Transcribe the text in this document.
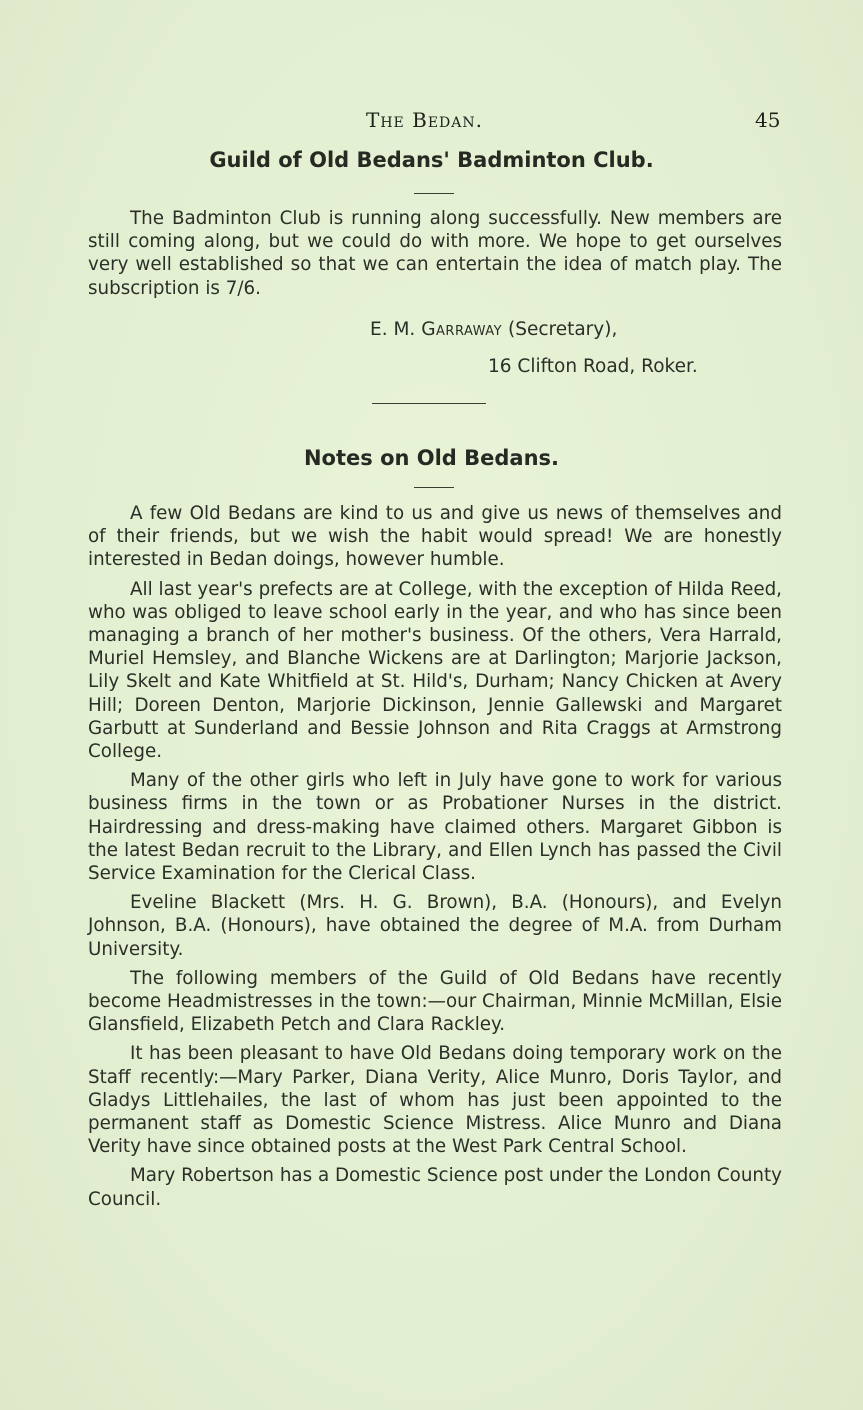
The Bedan.	45
Guild of Old Bedans' Badminton Club.

The Badminton Club is running along successfully. New members are still coming along, but we could do with more. We hope to get ourselves very well established so that we can entertain the idea of match play. The subscription is 7/6.

E. M. Garraway (Secretary),
16 Clifton Road, Roker.
Notes on Old Bedans.

A few Old Bedans are kind to us and give us news of themselves and of their friends, but we wish the habit would spread! We are honestly interested in Bedan doings, however humble.

All last year's prefects are at College, with the exception of Hilda Reed, who was obliged to leave school early in the year, and who has since been managing a branch of her mother's business. Of the others, Vera Harrald, Muriel Hemsley, and Blanche Wickens are at Darlington; Marjorie Jackson, Lily Skelt and Kate Whitfield at St. Hild's, Durham; Nancy Chicken at Avery Hill; Doreen Denton, Marjorie Dickinson, Jennie Gallewski and Margaret Garbutt at Sunderland and Bessie Johnson and Rita Craggs at Armstrong College.

Many of the other girls who left in July have gone to work for various business firms in the town or as Probationer Nurses in the district. Hairdressing and dress-making have claimed others. Margaret Gibbon is the latest Bedan recruit to the Library, and Ellen Lynch has passed the Civil Service Examination for the Clerical Class.

Eveline Blackett (Mrs. H. G. Brown), B.A. (Honours), and Evelyn Johnson, B.A. (Honours), have obtained the degree of M.A. from Durham University.

The following members of the Guild of Old Bedans have recently become Headmistresses in the town:—our Chairman, Minnie McMillan, Elsie Glansfield, Elizabeth Petch and Clara Rackley.

It has been pleasant to have Old Bedans doing temporary work on the Staff recently:—Mary Parker, Diana Verity, Alice Munro, Doris Taylor, and Gladys Littlehailes, the last of whom has just been appointed to the permanent staff as Domestic Science Mistress. Alice Munro and Diana Verity have since obtained posts at the West Park Central School.

Mary Robertson has a Domestic Science post under the London County Council.
